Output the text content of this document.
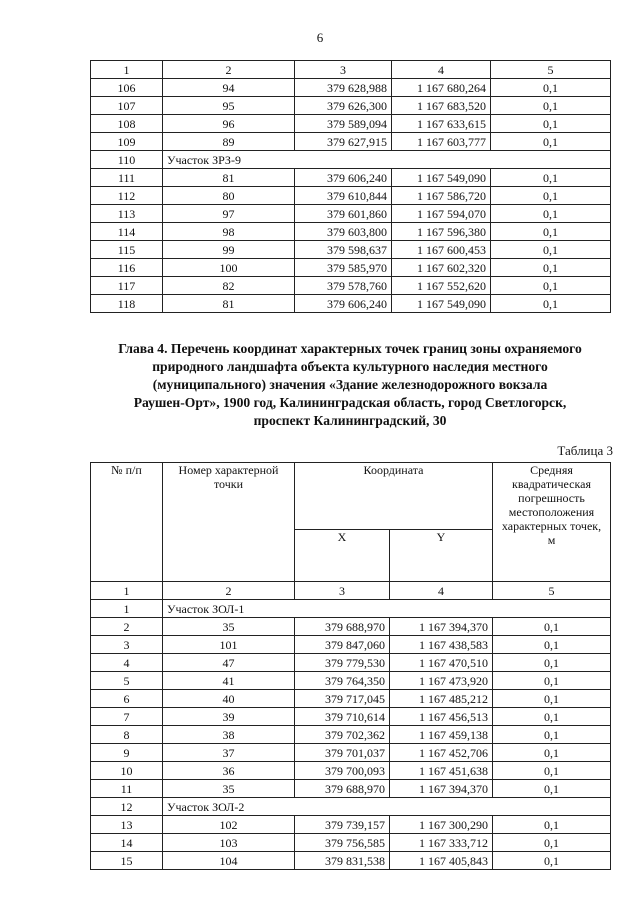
6
1	2	3	4	5
106	94	379 628,988	1 167 680,264	0,1
107	95	379 626,300	1 167 683,520	0,1
108	96	379 589,094	1 167 633,615	0,1
109	89	379 627,915	1 167 603,777	0,1
110	Участок ЗРЗ-9			
111	81	379 606,240	1 167 549,090	0,1
112	80	379 610,844	1 167 586,720	0,1
113	97	379 601,860	1 167 594,070	0,1
114	98	379 603,800	1 167 596,380	0,1
115	99	379 598,637	1 167 600,453	0,1
116	100	379 585,970	1 167 602,320	0,1
117	82	379 578,760	1 167 552,620	0,1
118	81	379 606,240	1 167 549,090	0,1
Глава 4. Перечень координат характерных точек границ зоны охраняемого
природного ландшафта объекта культурного наследия местного
(муниципального) значения «Здание железнодорожного вокзала
Раушен-Орт», 1900 год, Калининградская область, город Светлогорск,
проспект Калининградский, 30
Таблица 3
№ п/п	Номер характерной точки	Координата		Средняя квадратическая погрешность местоположения характерных точек, м
		X	Y	
1	2	3	4	5
1	Участок ЗОЛ-1			
2	35	379 688,970	1 167 394,370	0,1
3	101	379 847,060	1 167 438,583	0,1
4	47	379 779,530	1 167 470,510	0,1
5	41	379 764,350	1 167 473,920	0,1
6	40	379 717,045	1 167 485,212	0,1
7	39	379 710,614	1 167 456,513	0,1
8	38	379 702,362	1 167 459,138	0,1
9	37	379 701,037	1 167 452,706	0,1
10	36	379 700,093	1 167 451,638	0,1
11	35	379 688,970	1 167 394,370	0,1
12	Участок ЗОЛ-2			
13	102	379 739,157	1 167 300,290	0,1
14	103	379 756,585	1 167 333,712	0,1
15	104	379 831,538	1 167 405,843	0,1
